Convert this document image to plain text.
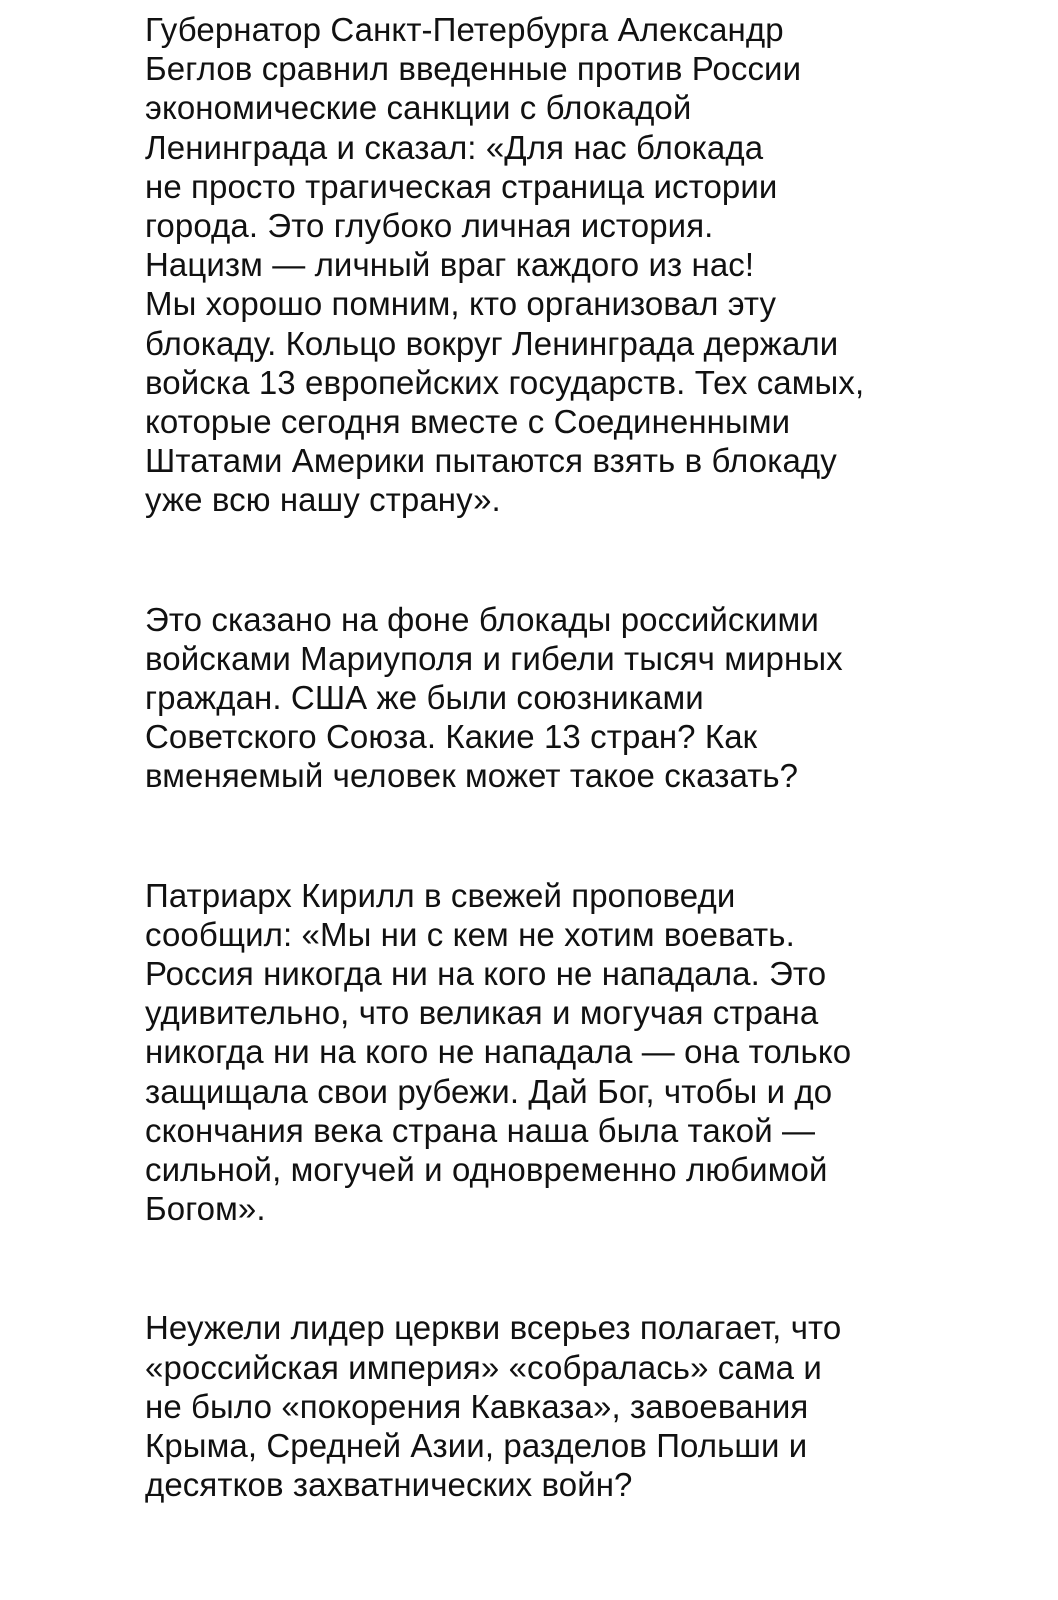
Губернатор Санкт-Петербурга Александр
Беглов сравнил введенные против России
экономические санкции с блокадой
Ленинграда и сказал: «Для нас блокада
не просто трагическая страница истории
города. Это глубоко личная история.
Нацизм — личный враг каждого из нас!
Мы хорошо помним, кто организовал эту
блокаду. Кольцо вокруг Ленинграда держали
войска 13 европейских государств. Тех самых,
которые сегодня вместе с Соединенными
Штатами Америки пытаются взять в блокаду
уже всю нашу страну».
Это сказано на фоне блокады российскими
войсками Мариуполя и гибели тысяч мирных
граждан. США же были союзниками
Советского Союза. Какие 13 стран? Как
вменяемый человек может такое сказать?
Патриарх Кирилл в свежей проповеди
сообщил: «Мы ни с кем не хотим воевать.
Россия никогда ни на кого не нападала. Это
удивительно, что великая и могучая страна
никогда ни на кого не нападала — она только
защищала свои рубежи. Дай Бог, чтобы и до
скончания века страна наша была такой —
сильной, могучей и одновременно любимой
Богом».
Неужели лидер церкви всерьез полагает, что
«российская империя» «собралась» сама и
не было «покорения Кавказа», завоевания
Крыма, Средней Азии, разделов Польши и
десятков захватнических войн?
